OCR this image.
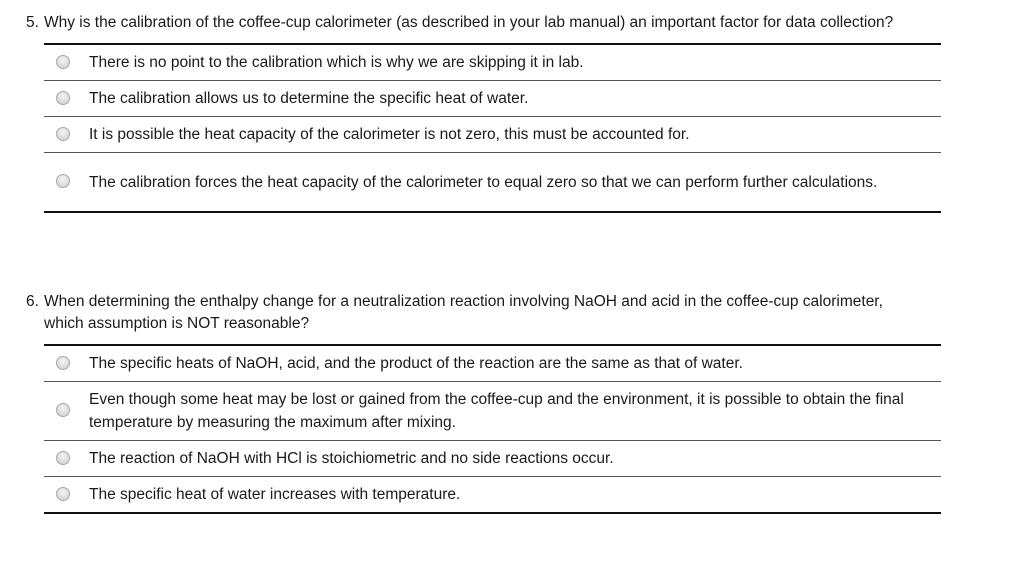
5. Why is the calibration of the coffee-cup calorimeter (as described in your lab manual) an important factor for data collection?

There is no point to the calibration which is why we are skipping it in lab.
The calibration allows us to determine the specific heat of water.
It is possible the heat capacity of the calorimeter is not zero, this must be accounted for.
The calibration forces the heat capacity of the calorimeter to equal zero so that we can perform further calculations.

6. When determining the enthalpy change for a neutralization reaction involving NaOH and acid in the coffee-cup calorimeter, which assumption is NOT reasonable?

The specific heats of NaOH, acid, and the product of the reaction are the same as that of water.
Even though some heat may be lost or gained from the coffee-cup and the environment, it is possible to obtain the final temperature by measuring the maximum after mixing.
The reaction of NaOH with HCl is stoichiometric and no side reactions occur.
The specific heat of water increases with temperature.
